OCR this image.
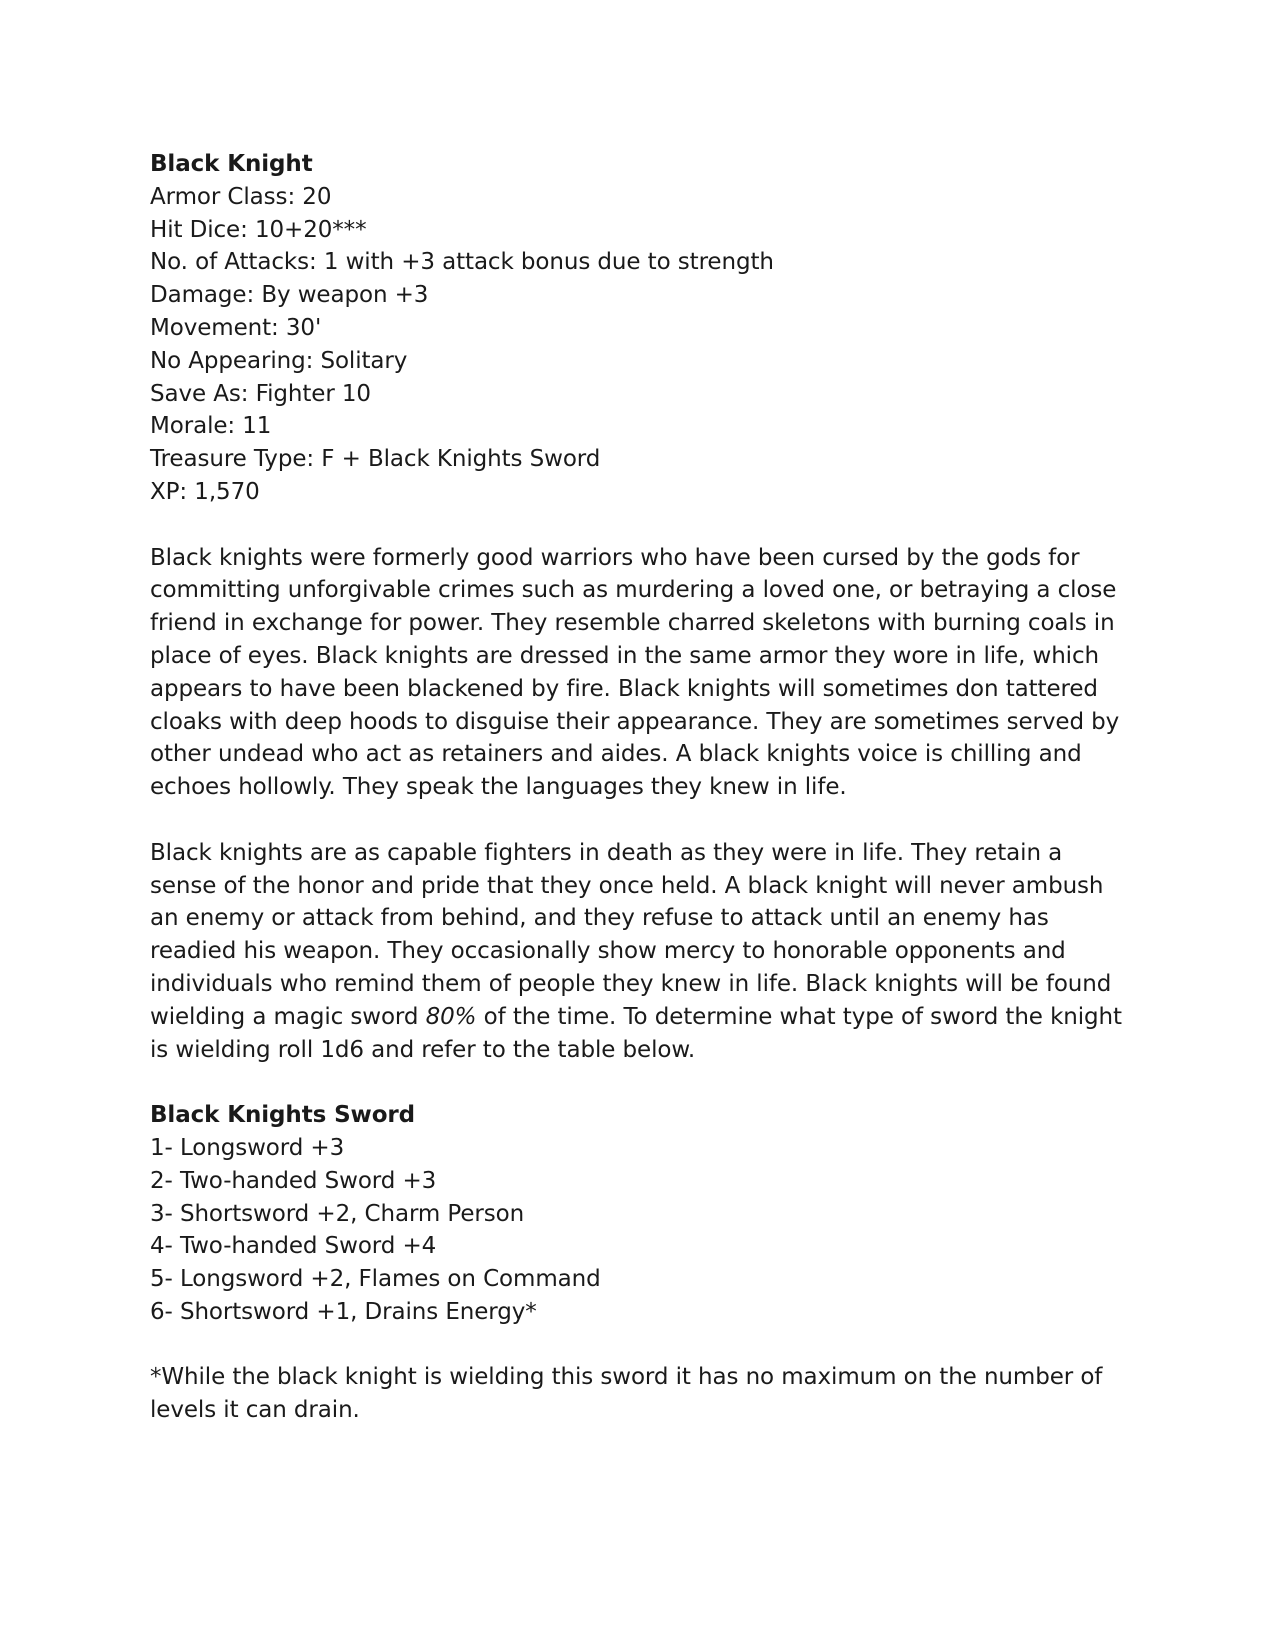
Black Knight

Armor Class: 20

Hit Dice: 10+20***

No. of Attacks: 1 with +3 attack bonus due to strength

Damage: By weapon +3

Movement: 30'

No Appearing: Solitary

Save As: Fighter 10

Morale: 11

Treasure Type: F + Black Knights Sword

XP: 1,570

Black knights were formerly good warriors who have been cursed by the gods for committing unforgivable crimes such as murdering a loved one, or betraying a close friend in exchange for power. They resemble charred skeletons with burning coals in place of eyes. Black knights are dressed in the same armor they wore in life, which appears to have been blackened by fire. Black knights will sometimes don tattered cloaks with deep hoods to disguise their appearance. They are sometimes served by other undead who act as retainers and aides. A black knights voice is chilling and echoes hollowly. They speak the languages they knew in life.

Black knights are as capable fighters in death as they were in life. They retain a sense of the honor and pride that they once held. A black knight will never ambush an enemy or attack from behind, and they refuse to attack until an enemy has readied his weapon. They occasionally show mercy to honorable opponents and individuals who remind them of people they knew in life. Black knights will be found wielding a magic sword 80% of the time. To determine what type of sword the knight is wielding roll 1d6 and refer to the table below.

Black Knights Sword

1- Longsword +3

2- Two-handed Sword +3

3- Shortsword +2, Charm Person

4- Two-handed Sword +4

5- Longsword +2, Flames on Command

6- Shortsword +1, Drains Energy*

*While the black knight is wielding this sword it has no maximum on the number of levels it can drain.
